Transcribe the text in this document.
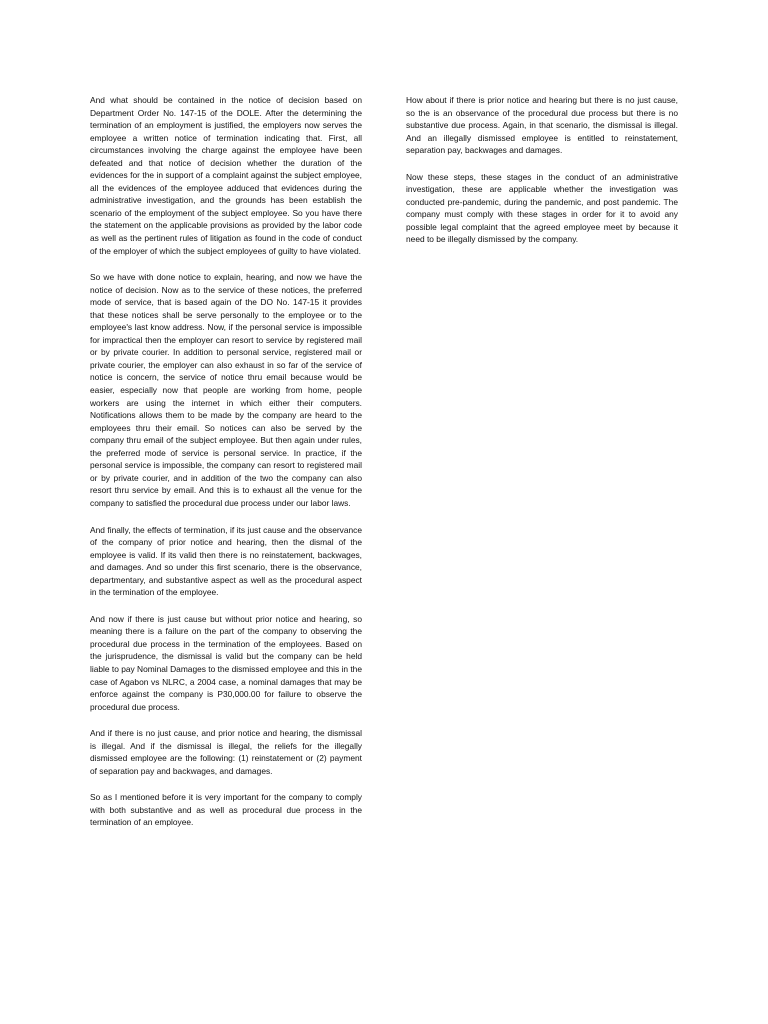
And what should be contained in the notice of decision based on Department Order No. 147-15 of the DOLE. After the determining the termination of an employment is justified, the employers now serves the employee a written notice of termination indicating that. First, all circumstances involving the charge against the employee have been defeated and that notice of decision whether the duration of the evidences for the in support of a complaint against the subject employee, all the evidences of the employee adduced that evidences during the administrative investigation, and the grounds has been establish the scenario of the employment of the subject employee. So you have there the statement on the applicable provisions as provided by the labor code as well as the pertinent rules of litigation as found in the code of conduct of the employer of which the subject employees of guilty to have violated.

So we have with done notice to explain, hearing, and now we have the notice of decision. Now as to the service of these notices, the preferred mode of service, that is based again of the DO No. 147-15 it provides that these notices shall be serve personally to the employee or to the employee's last know address. Now, if the personal service is impossible for impractical then the employer can resort to service by registered mail or by private courier. In addition to personal service, registered mail or private courier, the employer can also exhaust in so far of the service of notice is concern, the service of notice thru email because would be easier, especially now that people are working from home, people workers are using the internet in which either their computers. Notifications allows them to be made by the company are heard to the employees thru their email. So notices can also be served by the company thru email of the subject employee. But then again under rules, the preferred mode of service is personal service. In practice, if the personal service is impossible, the company can resort to registered mail or by private courier, and in addition of the two the company can also resort thru service by email. And this is to exhaust all the venue for the company to satisfied the procedural due process under our labor laws.

And finally, the effects of termination, if its just cause and the observance of the company of prior notice and hearing, then the dismal of the employee is valid. If its valid then there is no reinstatement, backwages, and damages. And so under this first scenario, there is the observance, departmentary, and substantive aspect as well as the procedural aspect in the termination of the employee.

And now if there is just cause but without prior notice and hearing, so meaning there is a failure on the part of the company to observing the procedural due process in the termination of the employees. Based on the jurisprudence, the dismissal is valid but the company can be held liable to pay Nominal Damages to the dismissed employee and this in the case of Agabon vs NLRC, a 2004 case, a nominal damages that may be enforce against the company is P30,000.00 for failure to observe the procedural due process.

And if there is no just cause, and prior notice and hearing, the dismissal is illegal. And if the dismissal is illegal, the reliefs for the illegally dismissed employee are the following: (1) reinstatement or (2) payment of separation pay and backwages, and damages.

So as I mentioned before it is very important for the company to comply with both substantive and as well as procedural due process in the termination of an employee.

How about if there is prior notice and hearing but there is no just cause, so the is an observance of the procedural due process but there is no substantive due process. Again, in that scenario, the dismissal is illegal. And an illegally dismissed employee is entitled to reinstatement, separation pay, backwages and damages.

Now these steps, these stages in the conduct of an administrative investigation, these are applicable whether the investigation was conducted pre-pandemic, during the pandemic, and post pandemic. The company must comply with these stages in order for it to avoid any possible legal complaint that the agreed employee meet by because it need to be illegally dismissed by the company.
